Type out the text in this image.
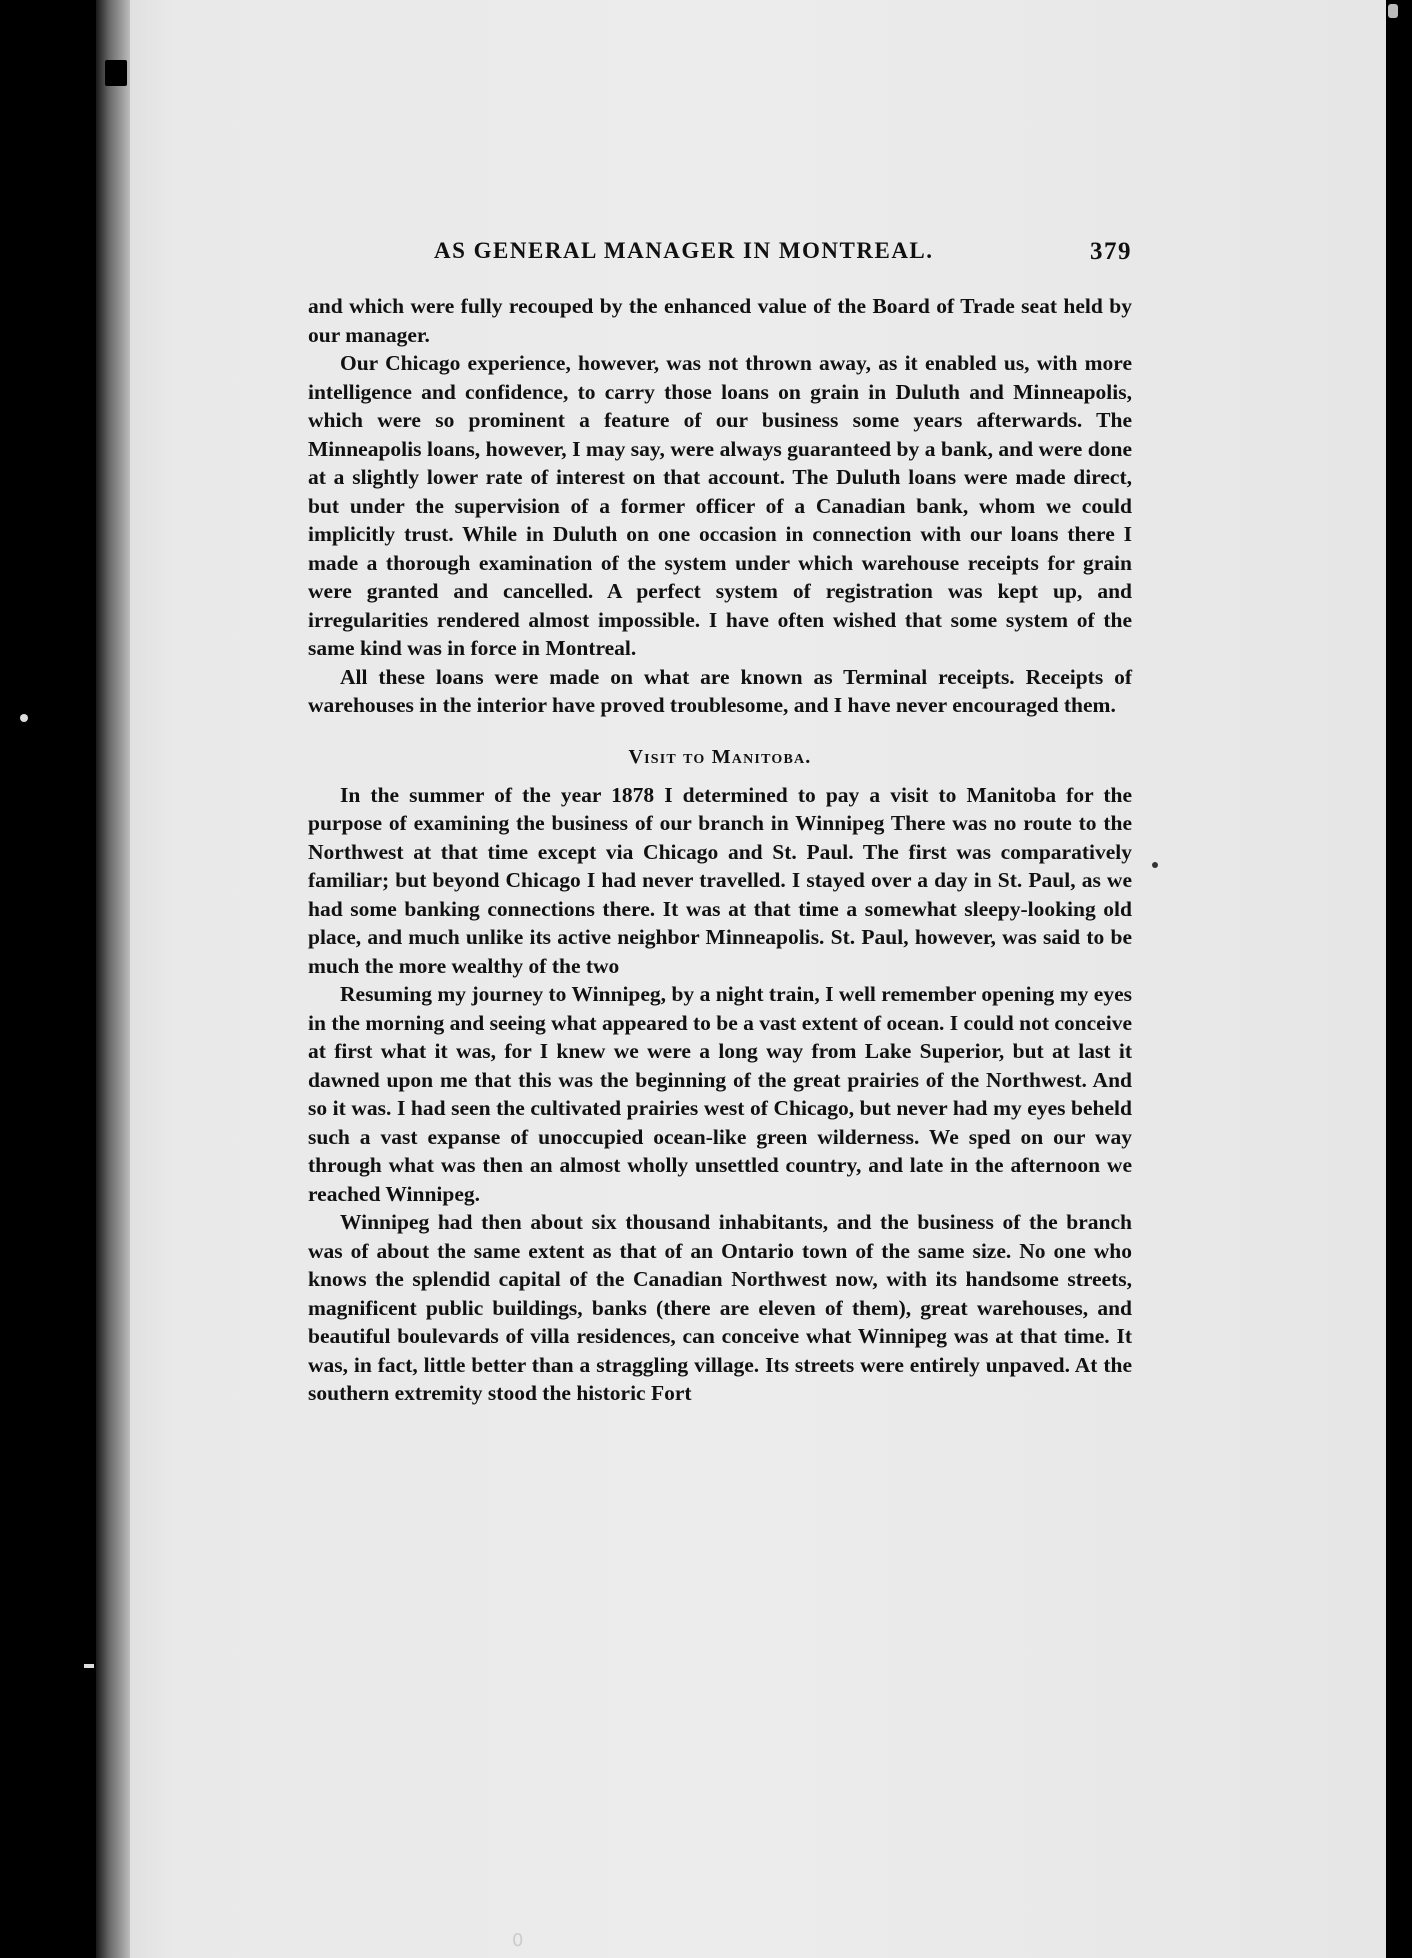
AS GENERAL MANAGER IN MONTREAL.	379

and which were fully recouped by the enhanced value of the Board of Trade seat held by our manager.

Our Chicago experience, however, was not thrown away, as it enabled us, with more intelligence and confidence, to carry those loans on grain in Duluth and Minneapolis, which were so prominent a feature of our business some years afterwards. The Minneapolis loans, however, I may say, were always guaranteed by a bank, and were done at a slightly lower rate of interest on that account. The Duluth loans were made direct, but under the supervision of a former officer of a Canadian bank, whom we could implicitly trust. While in Duluth on one occasion in connection with our loans there I made a thorough examination of the system under which warehouse receipts for grain were granted and cancelled. A perfect system of registration was kept up, and irregularities rendered almost impossible. I have often wished that some system of the same kind was in force in Montreal.

All these loans were made on what are known as Terminal receipts. Receipts of warehouses in the interior have proved troublesome, and I have never encouraged them.

Visit to Manitoba.

In the summer of the year 1878 I determined to pay a visit to Manitoba for the purpose of examining the business of our branch in Winnipeg There was no route to the Northwest at that time except via Chicago and St. Paul. The first was comparatively familiar; but beyond Chicago I had never travelled. I stayed over a day in St. Paul, as we had some banking connections there. It was at that time a somewhat sleepy-looking old place, and much unlike its active neighbor Minneapolis. St. Paul, however, was said to be much the more wealthy of the two

Resuming my journey to Winnipeg, by a night train, I well remember opening my eyes in the morning and seeing what appeared to be a vast extent of ocean. I could not conceive at first what it was, for I knew we were a long way from Lake Superior, but at last it dawned upon me that this was the beginning of the great prairies of the Northwest. And so it was. I had seen the cultivated prairies west of Chicago, but never had my eyes beheld such a vast expanse of unoccupied ocean-like green wilderness. We sped on our way through what was then an almost wholly unsettled country, and late in the afternoon we reached Winnipeg.

Winnipeg had then about six thousand inhabitants, and the business of the branch was of about the same extent as that of an Ontario town of the same size. No one who knows the splendid capital of the Canadian Northwest now, with its handsome streets, magnificent public buildings, banks (there are eleven of them), great warehouses, and beautiful boulevards of villa residences, can conceive what Winnipeg was at that time. It was, in fact, little better than a straggling village. Its streets were entirely unpaved. At the southern extremity stood the historic Fort

0
